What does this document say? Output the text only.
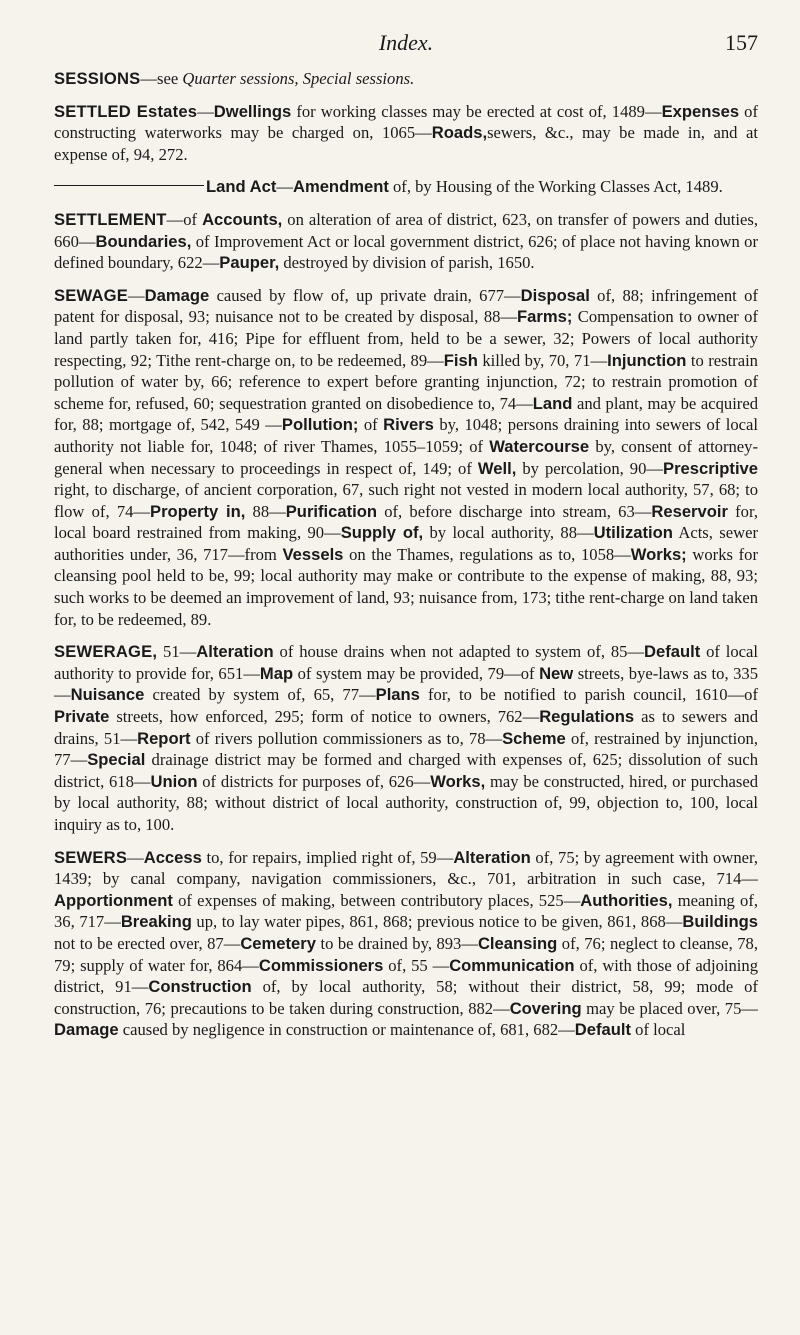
Index.	157

SESSIONS—see Quarter sessions, Special sessions.

SETTLED Estates—Dwellings for working classes may be erected at cost of, 1489—Expenses of constructing waterworks may be charged on, 1065—Roads,sewers, &c., may be made in, and at expense of, 94, 272.

Land Act—Amendment of, by Housing of the Working Classes Act, 1489.

SETTLEMENT—of Accounts, on alteration of area of district, 623, on transfer of powers and duties, 660—Boundaries, of Improvement Act or local government district, 626; of place not having known or defined boundary, 622—Pauper, destroyed by division of parish, 1650.

SEWAGE—Damage caused by flow of, up private drain, 677—Disposal of, 88; infringement of patent for disposal, 93; nuisance not to be created by disposal, 88—Farms; Compensation to owner of land partly taken for, 416; Pipe for effluent from, held to be a sewer, 32; Powers of local authority respecting, 92; Tithe rent-charge on, to be redeemed, 89—Fish killed by, 70, 71—Injunction to restrain pollution of water by, 66; reference to expert before granting injunction, 72; to restrain promotion of scheme for, refused, 60; sequestration granted on disobedience to, 74—Land and plant, may be acquired for, 88; mortgage of, 542, 549 —Pollution; of Rivers by, 1048; persons draining into sewers of local authority not liable for, 1048; of river Thames, 1055–1059; of Watercourse by, consent of attorney-general when necessary to proceedings in respect of, 149; of Well, by percolation, 90—Prescriptive right, to discharge, of ancient corporation, 67, such right not vested in modern local authority, 57, 68; to flow of, 74—Property in, 88—Purification of, before discharge into stream, 63—Reservoir for, local board restrained from making, 90—Supply of, by local authority, 88—Utilization Acts, sewer authorities under, 36, 717—from Vessels on the Thames, regulations as to, 1058—Works; works for cleansing pool held to be, 99; local authority may make or contribute to the expense of making, 88, 93; such works to be deemed an improvement of land, 93; nuisance from, 173; tithe rent-charge on land taken for, to be redeemed, 89.

SEWERAGE, 51—Alteration of house drains when not adapted to system of, 85—Default of local authority to provide for, 651—Map of system may be provided, 79—of New streets, bye-laws as to, 335—Nuisance created by system of, 65, 77—Plans for, to be notified to parish council, 1610—of Private streets, how enforced, 295; form of notice to owners, 762—Regulations as to sewers and drains, 51—Report of rivers pollution commissioners as to, 78—Scheme of, restrained by injunction, 77—Special drainage district may be formed and charged with expenses of, 625; dissolution of such district, 618—Union of districts for purposes of, 626—Works, may be constructed, hired, or purchased by local authority, 88; without district of local authority, construction of, 99, objection to, 100, local inquiry as to, 100.

SEWERS—Access to, for repairs, implied right of, 59—Alteration of, 75; by agreement with owner, 1439; by canal company, navigation commissioners, &c., 701, arbitration in such case, 714—Apportionment of expenses of making, between contributory places, 525—Authorities, meaning of, 36, 717—Breaking up, to lay water pipes, 861, 868; previous notice to be given, 861, 868—Buildings not to be erected over, 87—Cemetery to be drained by, 893—Cleansing of, 76; neglect to cleanse, 78, 79; supply of water for, 864—Commissioners of, 55 —Communication of, with those of adjoining district, 91—Construction of, by local authority, 58; without their district, 58, 99; mode of construction, 76; precautions to be taken during construction, 882—Covering may be placed over, 75—Damage caused by negligence in construction or maintenance of, 681, 682—Default of local
